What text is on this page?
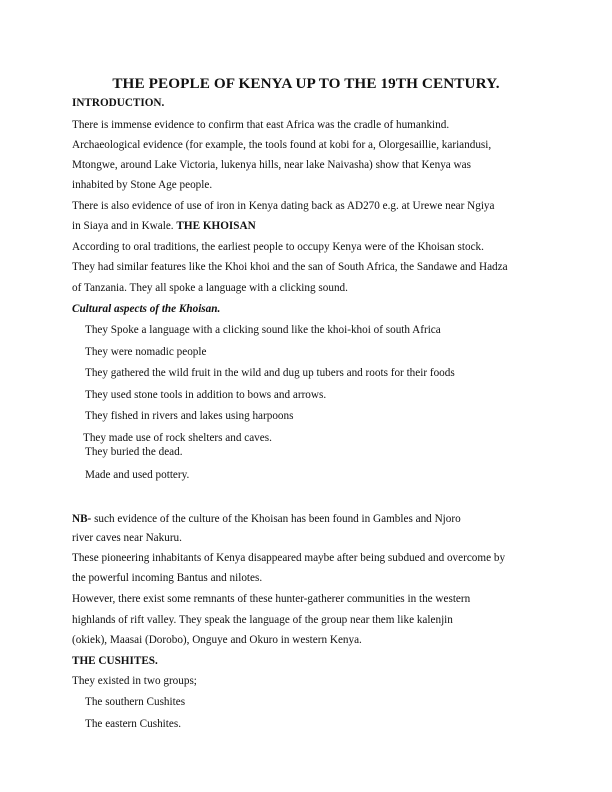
THE PEOPLE OF KENYA UP TO THE 19TH CENTURY.
INTRODUCTION.
There is immense evidence to confirm that east Africa was the cradle of humankind.
Archaeological evidence (for example, the tools found at kobi for a, Olorgesaillie, kariandusi,
Mtongwe, around Lake Victoria, lukenya hills, near lake Naivasha) show that Kenya was
inhabited by Stone Age people.
There is also evidence of use of iron in Kenya dating back as AD270 e.g. at Urewe near Ngiya
in Siaya and in Kwale. THE KHOISAN
According to oral traditions, the earliest people to occupy Kenya were of the Khoisan stock.
They had similar features like the Khoi khoi and the san of South Africa, the Sandawe and Hadza
of Tanzania. They all spoke a language with a clicking sound.
Cultural aspects of the Khoisan.
They Spoke a language with a clicking sound like the khoi-khoi of south Africa
They were nomadic people
They gathered the wild fruit in the wild and dug up tubers and roots for their foods
They used stone tools in addition to bows and arrows.
They fished in rivers and lakes using harpoons
They made use of rock shelters and caves.
They buried the dead.
Made and used pottery.
NB- such evidence of the culture of the Khoisan has been found in Gambles and Njoro
river caves near Nakuru.
These pioneering inhabitants of Kenya disappeared maybe after being subdued and overcome by
the powerful incoming Bantus and nilotes.
However, there exist some remnants of these hunter-gatherer communities in the western
highlands of rift valley. They speak the language of the group near them like kalenjin
(okiek), Maasai (Dorobo), Onguye and Okuro in western Kenya.
THE CUSHITES.
They existed in two groups;
The southern Cushites
The eastern Cushites.
